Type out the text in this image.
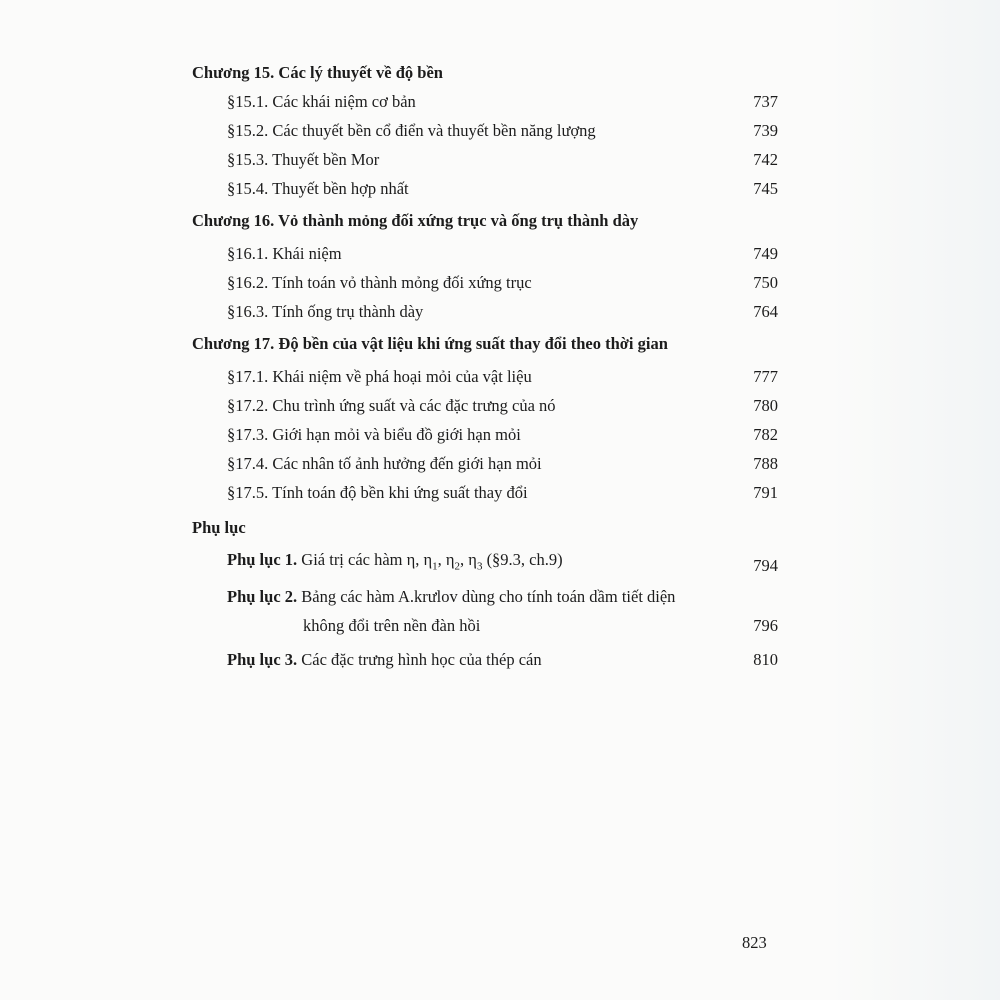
Chương 15. Các lý thuyết về độ bền
§15.1. Các khái niệm cơ bản	737
§15.2. Các thuyết bền cổ điển và thuyết bền năng lượng	739
§15.3. Thuyết bền Mor	742
§15.4. Thuyết bền hợp nhất	745
Chương 16. Vỏ thành mỏng đối xứng trục và ống trụ thành dày
§16.1. Khái niệm	749
§16.2. Tính toán vỏ thành mỏng đối xứng trục	750
§16.3. Tính ống trụ thành dày	764
Chương 17. Độ bền của vật liệu khi ứng suất thay đổi theo thời gian
§17.1. Khái niệm về phá hoại mỏi của vật liệu	777
§17.2. Chu trình ứng suất và các đặc trưng của nó	780
§17.3. Giới hạn mỏi và biểu đồ giới hạn mỏi	782
§17.4. Các nhân tố ảnh hưởng đến giới hạn mỏi	788
§17.5. Tính toán độ bền khi ứng suất thay đổi	791
Phụ lục
Phụ lục 1. Giá trị các hàm η, $\eta_1$, $\eta_2$, $\eta_3$ (§9.3, ch.9)	794
Phụ lục 2. Bảng các hàm A.krưlov dùng cho tính toán dầm tiết diện
không đổi trên nền đàn hồi	796
Phụ lục 3. Các đặc trưng hình học của thép cán	810
823
